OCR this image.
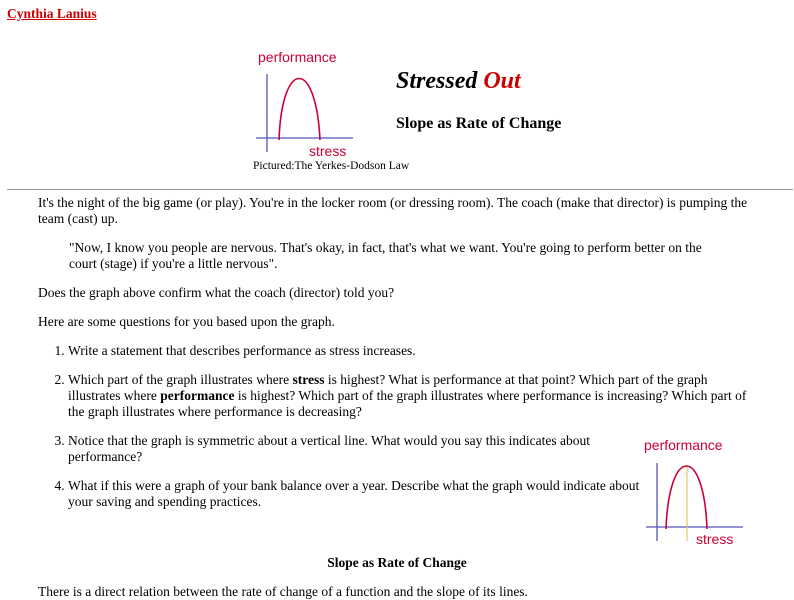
Cynthia Lanius
performance
stress
Pictured:The Yerkes-Dodson Law
Stressed Out
Slope as Rate of Change

It's the night of the big game (or play). You're in the locker room (or dressing room). The coach (make that director) is pumping the team (cast) up.

"Now, I know you people are nervous. That's okay, in fact, that's what we want. You're going to perform better on the court (stage) if you're a little nervous".

Does the graph above confirm what the coach (director) told you?

Here are some questions for you based upon the graph.

1. Write a statement that describes performance as stress increases.
2. Which part of the graph illustrates where stress is highest? What is performance at that point? Which part of the graph illustrates where performance is highest? Which part of the graph illustrates where performance is increasing? Which part of the graph illustrates where performance is decreasing?
3. Notice that the graph is symmetric about a vertical line. What would you say this indicates about performance?
4. What if this were a graph of your bank balance over a year. Describe what the graph would indicate about your saving and spending practices.
performance
stress
Slope as Rate of Change
There is a direct relation between the rate of change of a function and the slope of its lines.
